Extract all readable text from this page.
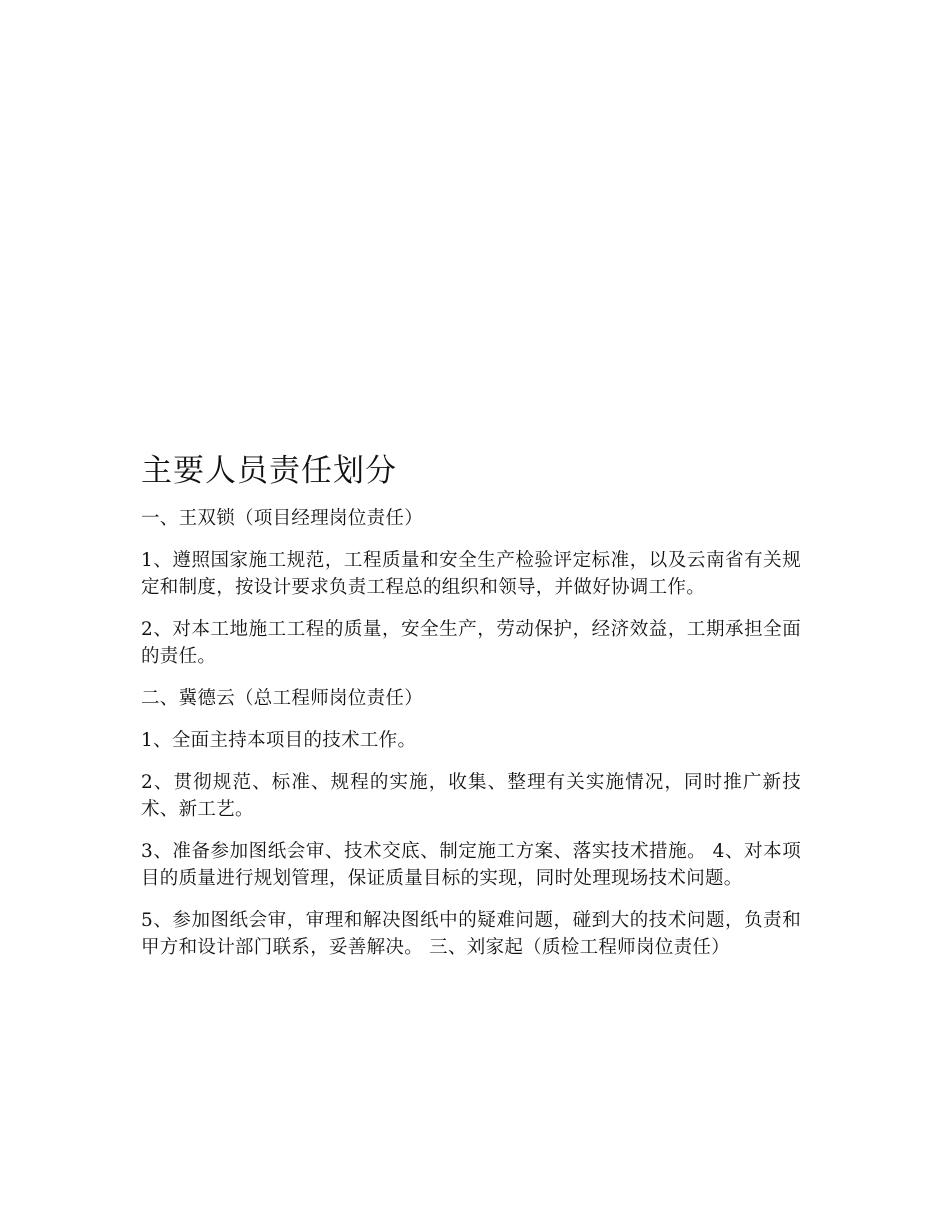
主要人员责任划分

一、王双锁（项目经理岗位责任）

1、遵照国家施工规范，工程质量和安全生产检验评定标准，以及云南省有关规定和制度，按设计要求负责工程总的组织和领导，并做好协调工作。

2、对本工地施工工程的质量，安全生产，劳动保护，经济效益，工期承担全面的责任。

二、冀德云（总工程师岗位责任）

1、全面主持本项目的技术工作。

2、贯彻规范、标准、规程的实施，收集、整理有关实施情况，同时推广新技术、新工艺。

3、准备参加图纸会审、技术交底、制定施工方案、落实技术措施。 4、对本项目的质量进行规划管理，保证质量目标的实现，同时处理现场技术问题。

5、参加图纸会审，审理和解决图纸中的疑难问题，碰到大的技术问题，负责和甲方和设计部门联系，妥善解决。 三、刘家起（质检工程师岗位责任）
